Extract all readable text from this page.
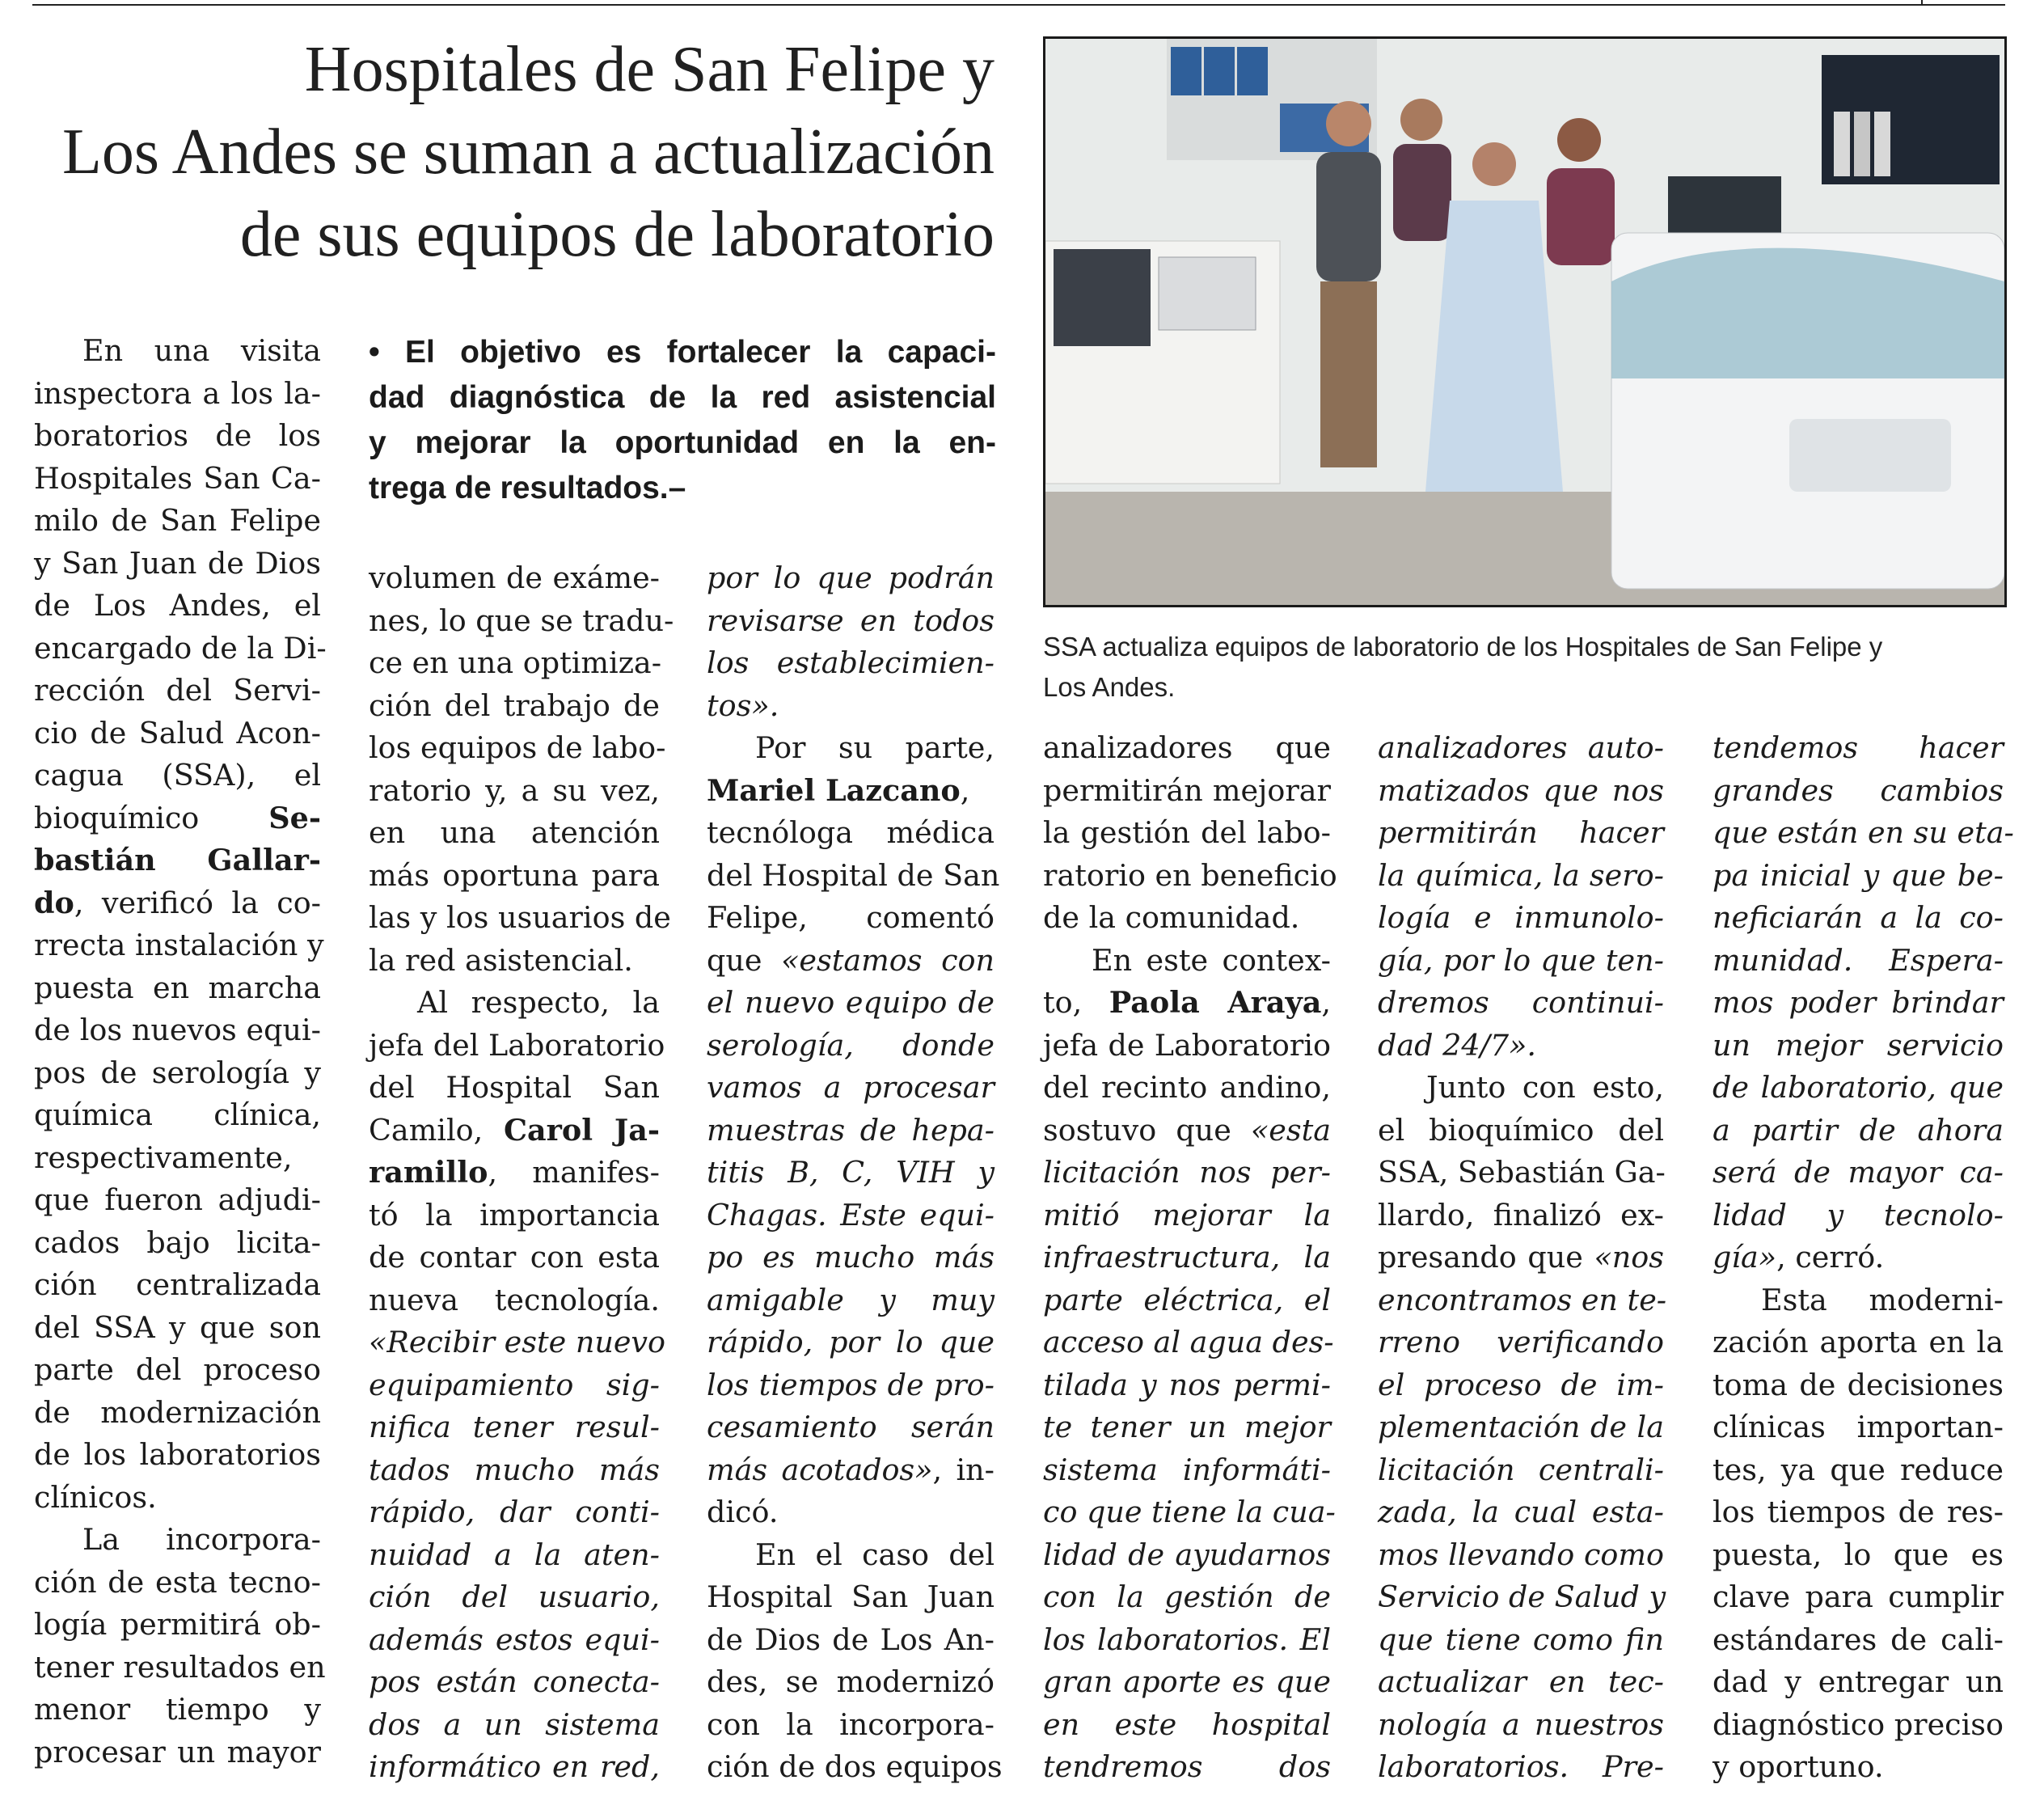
Hospitales de San Felipe y
Los Andes se suman a actualización
de sus equipos de laboratorio
• El objetivo es fortalecer la capaci-
dad diagnóstica de la red asistencial
y mejorar la oportunidad en la en-
trega de resultados.–
SSA actualiza equipos de laboratorio de los Hospitales de San Felipe y
Los Andes.
En una visita
inspectora a los la-
boratorios de los
Hospitales San Ca-
milo de San Felipe
y San Juan de Dios
de Los Andes, el
encargado de la Di-
rección del Servi-
cio de Salud Acon-
cagua (SSA), el
bioquímico Se-
bastián Gallar-
do, verificó la co-
rrecta instalación y
puesta en marcha
de los nuevos equi-
pos de serología y
química clínica,
respectivamente,
que fueron adjudi-
cados bajo licita-
ción centralizada
del SSA y que son
parte del proceso
de modernización
de los laboratorios
clínicos.
La incorpora-
ción de esta tecno-
logía permitirá ob-
tener resultados en
menor tiempo y
procesar un mayor
volumen de exáme-
nes, lo que se tradu-
ce en una optimiza-
ción del trabajo de
los equipos de labo-
ratorio y, a su vez,
en una atención
más oportuna para
las y los usuarios de
la red asistencial.
Al respecto, la
jefa del Laboratorio
del Hospital San
Camilo, Carol Ja-
ramillo, manifes-
tó la importancia
de contar con esta
nueva tecnología.
«Recibir este nuevo
equipamiento sig-
nifica tener resul-
tados mucho más
rápido, dar conti-
nuidad a la aten-
ción del usuario,
además estos equi-
pos están conecta-
dos a un sistema
informático en red,
por lo que podrán
revisarse en todos
los establecimien-
tos».
Por su parte,
Mariel Lazcano,
tecnóloga médica
del Hospital de San
Felipe, comentó
que «estamos con
el nuevo equipo de
serología, donde
vamos a procesar
muestras de hepa-
titis B, C, VIH y
Chagas. Este equi-
po es mucho más
amigable y muy
rápido, por lo que
los tiempos de pro-
cesamiento serán
más acotados», in-
dicó.
En el caso del
Hospital San Juan
de Dios de Los An-
des, se modernizó
con la incorpora-
ción de dos equipos
analizadores que
permitirán mejorar
la gestión del labo-
ratorio en beneficio
de la comunidad.
En este contex-
to, Paola Araya,
jefa de Laboratorio
del recinto andino,
sostuvo que «esta
licitación nos per-
mitió mejorar la
infraestructura, la
parte eléctrica, el
acceso al agua des-
tilada y nos permi-
te tener un mejor
sistema informáti-
co que tiene la cua-
lidad de ayudarnos
con la gestión de
los laboratorios. El
gran aporte es que
en este hospital
tendremos dos
analizadores auto-
matizados que nos
permitirán hacer
la química, la sero-
logía e inmunolo-
gía, por lo que ten-
dremos continui-
dad 24/7».
Junto con esto,
el bioquímico del
SSA, Sebastián Ga-
llardo, finalizó ex-
presando que «nos
encontramos en te-
rreno verificando
el proceso de im-
plementación de la
licitación centrali-
zada, la cual esta-
mos llevando como
Servicio de Salud y
que tiene como fin
actualizar en tec-
nología a nuestros
laboratorios. Pre-
tendemos hacer
grandes cambios
que están en su eta-
pa inicial y que be-
neficiarán a la co-
munidad. Espera-
mos poder brindar
un mejor servicio
de laboratorio, que
a partir de ahora
será de mayor ca-
lidad y tecnolo-
gía», cerró.
Esta moderni-
zación aporta en la
toma de decisiones
clínicas importan-
tes, ya que reduce
los tiempos de res-
puesta, lo que es
clave para cumplir
estándares de cali-
dad y entregar un
diagnóstico preciso
y oportuno.
